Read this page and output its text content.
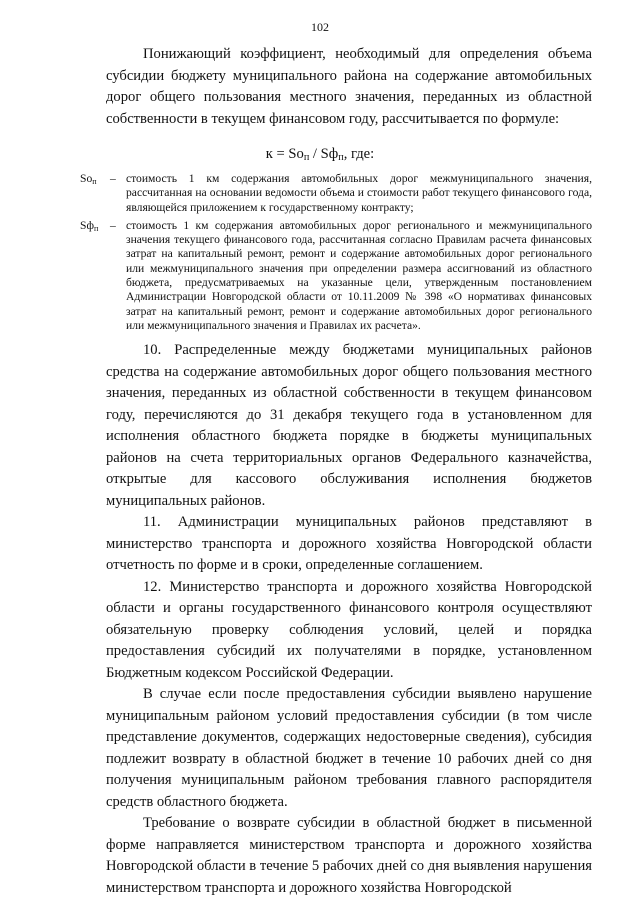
102

Понижающий коэффициент, необходимый для определения объема субсидии бюджету муниципального района на содержание автомобильных дорог общего пользования местного значения, переданных из областной собственности в текущем финансовом году, рассчитывается по формуле:

$к = So_п / Sф_п$, где:
$So_п$	– стоимость 1 км содержания автомобильных дорог межмуниципального значения, рассчитанная на основании ведомости объема и стоимости работ текущего финансового года, являющейся приложением к государственному контракту;
$Sф_п$	– стоимость 1 км содержания автомобильных дорог регионального и межмуниципального значения текущего финансового года, рассчитанная согласно Правилам расчета финансовых затрат на капитальный ремонт, ремонт и содержание автомобильных дорог регионального или межмуниципального значения при определении размера ассигнований из областного бюджета, предусматриваемых на указанные цели, утвержденным постановлением Администрации Новгородской области от 10.11.2009 № 398 «О нормативах финансовых затрат на капитальный ремонт, ремонт и содержание автомобильных дорог регионального или межмуниципального значения и Правилах их расчета».

10. Распределенные между бюджетами муниципальных районов средства на содержание автомобильных дорог общего пользования местного значения, переданных из областной собственности в текущем финансовом году, перечисляются до 31 декабря текущего года в установленном для исполнения областного бюджета порядке в бюджеты муниципальных районов на счета территориальных органов Федерального казначейства, открытые для кассового обслуживания исполнения бюджетов муниципальных районов.

11. Администрации муниципальных районов представляют в министерство транспорта и дорожного хозяйства Новгородской области отчетность по форме и в сроки, определенные соглашением.

12. Министерство транспорта и дорожного хозяйства Новгородской области и органы государственного финансового контроля осуществляют обязательную проверку соблюдения условий, целей и порядка предоставления субсидий их получателями в порядке, установленном Бюджетным кодексом Российской Федерации.

В случае если после предоставления субсидии выявлено нарушение муниципальным районом условий предоставления субсидии (в том числе представление документов, содержащих недостоверные сведения), субсидия подлежит возврату в областной бюджет в течение 10 рабочих дней со дня получения муниципальным районом требования главного распорядителя средств областного бюджета.

Требование о возврате субсидии в областной бюджет в письменной форме направляется министерством транспорта и дорожного хозяйства Новгородской области в течение 5 рабочих дней со дня выявления нарушения министерством транспорта и дорожного хозяйства Новгородской
